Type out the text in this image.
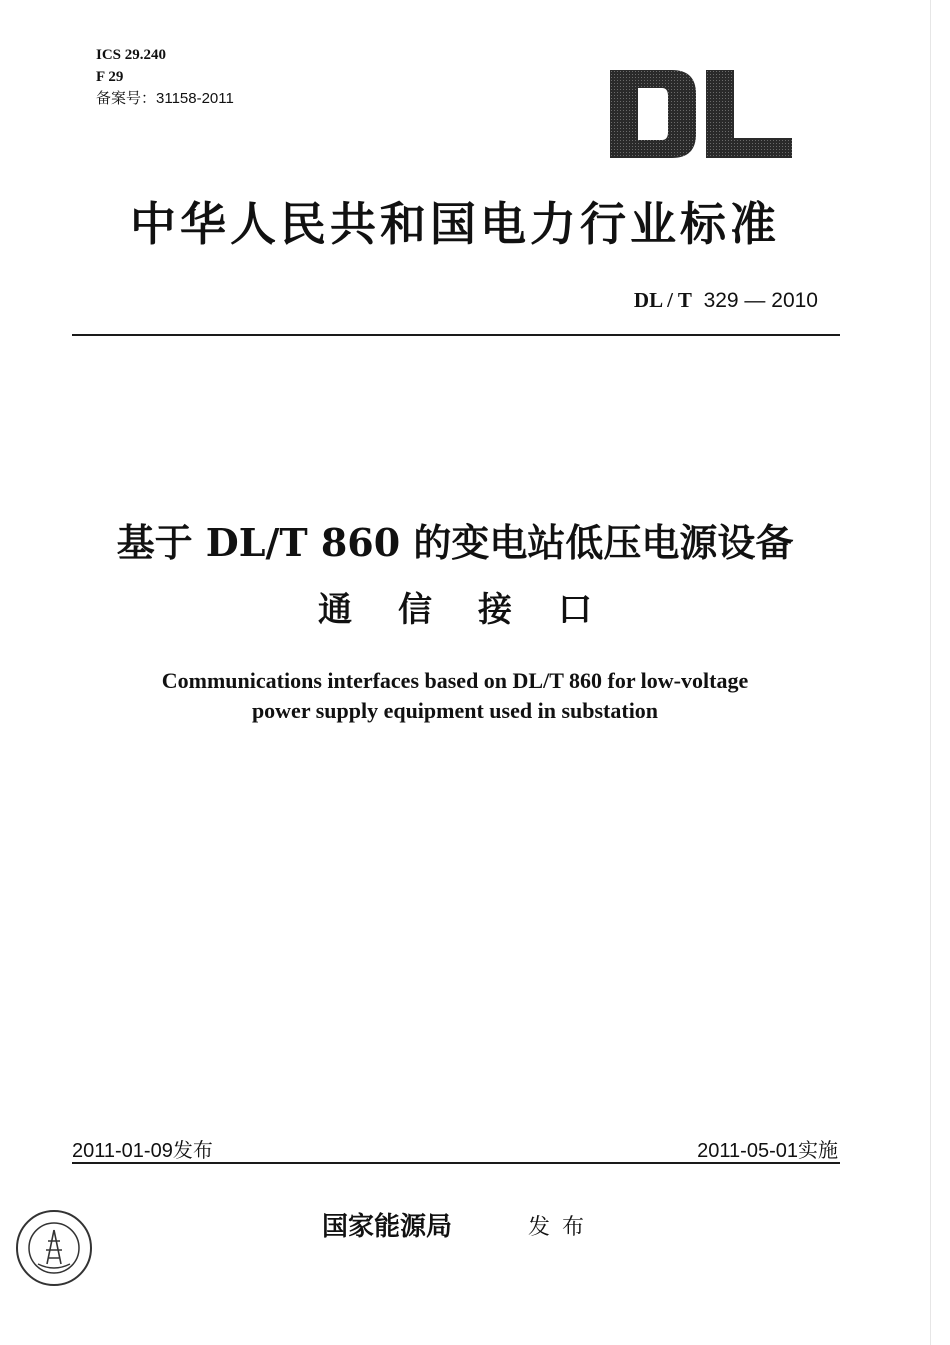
ICS 29.240
F 29
备案号：31158-2011
中华人民共和国电力行业标准
DL / T 329 — 2010
基于 DL/T 860 的变电站低压电源设备
通信接口
Communications interfaces based on DL/T 860 for low-voltage
power supply equipment used in substation
2011-01-09发布	2011-05-01实施
国家能源局	发布
